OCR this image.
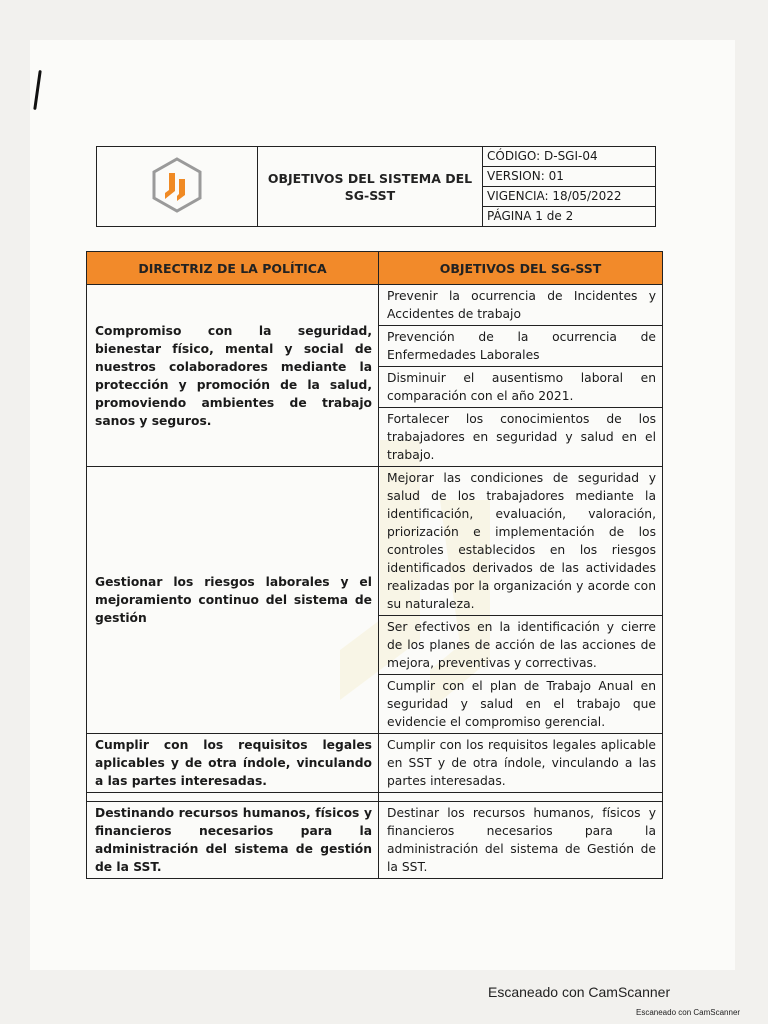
	OBJETIVOS DEL SISTEMA DEL SG-SST	
CÓDIGO: D-SGI-04
VERSION: 01
VIGENCIA: 18/05/2022
PÁGINA 1 de 2
DIRECTRIZ DE LA POLÍTICA	OBJETIVOS DEL SG-SST
Compromiso con la seguridad, bienestar físico, mental y social de nuestros colaboradores mediante la protección y promoción de la salud, promoviendo ambientes de trabajo sanos y seguros.	Prevenir la ocurrencia de Incidentes y Accidentes de trabajo
	Prevención de la ocurrencia de Enfermedades Laborales
	Disminuir el ausentismo laboral en comparación con el año 2021.
	Fortalecer los conocimientos de los trabajadores en seguridad y salud en el trabajo.
Gestionar los riesgos laborales y el mejoramiento continuo del sistema de gestión	Mejorar las condiciones de seguridad y salud de los trabajadores mediante la identificación, evaluación, valoración, priorización e implementación de los controles establecidos en los riesgos identificados derivados de las actividades realizadas por la organización y acorde con su naturaleza.
	Ser efectivos en la identificación y cierre de los planes de acción de las acciones de mejora, preventivas y correctivas.
	Cumplir con el plan de Trabajo Anual en seguridad y salud en el trabajo que evidencie el compromiso gerencial.
Cumplir con los requisitos legales aplicables y de otra índole, vinculando a las partes interesadas.	Cumplir con los requisitos legales aplicable en SST y de otra índole, vinculando a las partes interesadas.

Destinando recursos humanos, físicos y financieros necesarios para la administración del sistema de gestión de la SST.	Destinar los recursos humanos, físicos y financieros necesarios para la administración del sistema de Gestión de la SST.
Escaneado con CamScanner
Escaneado con CamScanner
